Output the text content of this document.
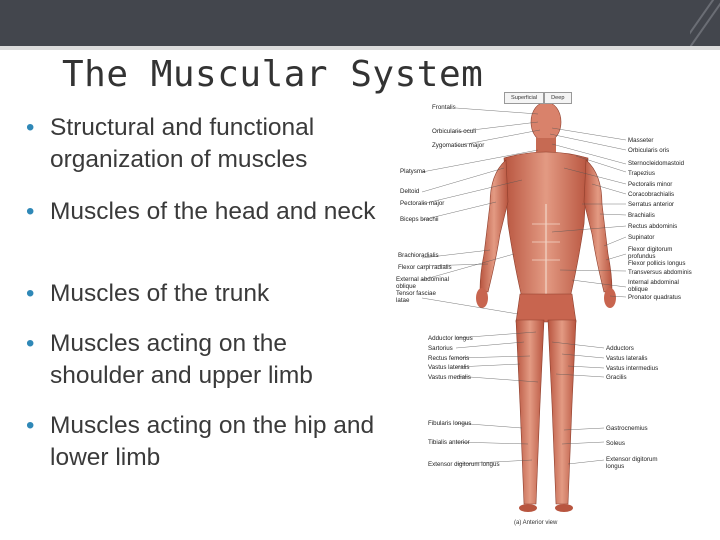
The Muscular System
• Structural and functional organization of muscles
• Muscles of the head and neck
• Muscles of the trunk
• Muscles acting on the shoulder and upper limb
• Muscles acting on the hip and lower limb
Superficial	Deep
Frontalis
Orbicularis oculi
Zygomaticus major
Platysma
Deltoid
Pectoralis major
Biceps brachii
Brachioradialis
Flexor carpi radialis
External abdominal oblique
Tensor fasciae latae
Adductor longus
Sartorius
Rectus femoris
Vastus lateralis
Vastus medialis
Fibularis longus
Tibialis anterior
Extensor digitorum longus
Masseter
Orbicularis oris
Sternocleidomastoid
Trapezius
Pectoralis minor
Coracobrachialis
Serratus anterior
Brachialis
Rectus abdominis
Supinator
Flexor digitorum profundus
Flexor pollicis longus
Transversus abdominis
Internal abdominal oblique
Pronator quadratus
Adductors
Vastus lateralis
Vastus intermedius
Gracilis
Gastrocnemius
Soleus
Extensor digitorum longus
(a) Anterior view
